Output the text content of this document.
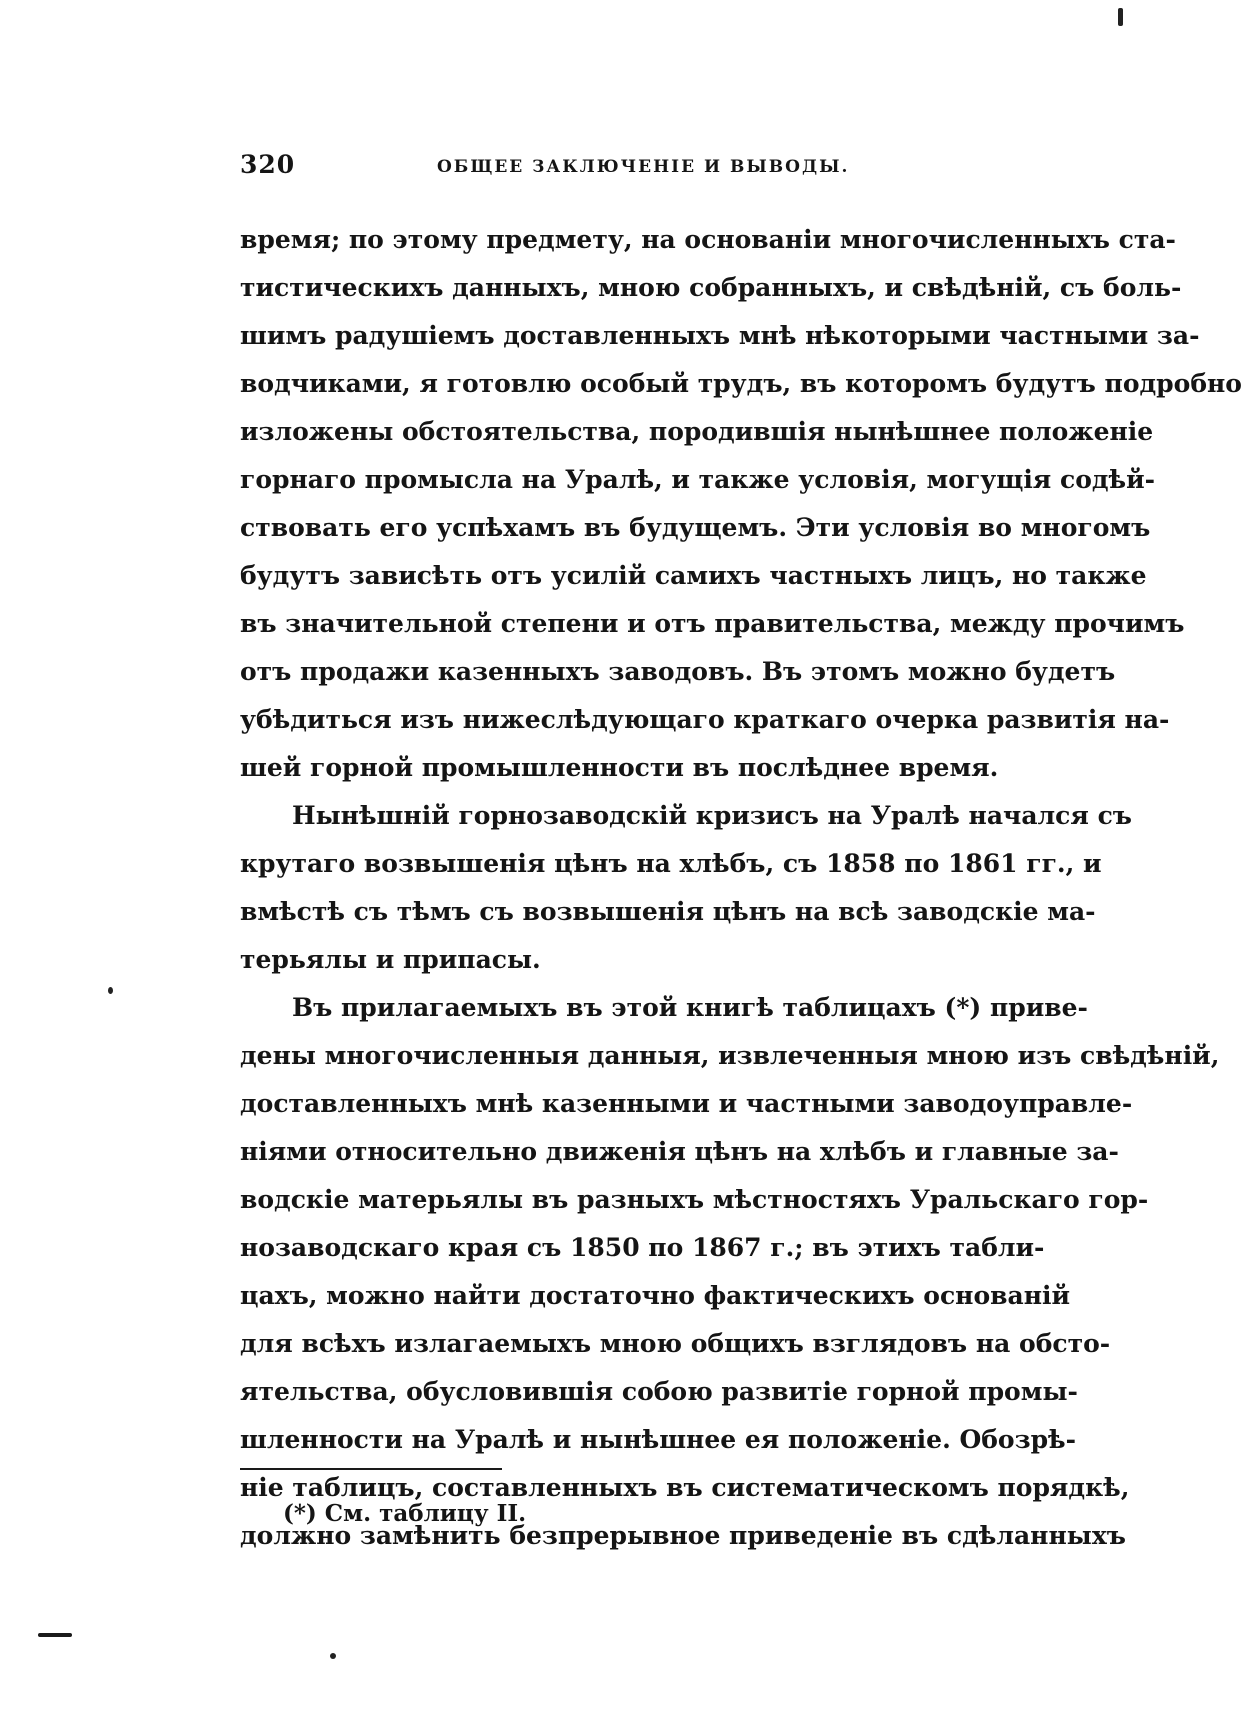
320	ОБЩЕЕ ЗАКЛЮЧЕНІЕ И ВЫВОДЫ.
время; по этому предмету, на основаніи многочисленныхъ ста-
тистическихъ данныхъ, мною собранныхъ, и свѣдѣній, съ боль-
шимъ радушіемъ доставленныхъ мнѣ нѣкоторыми частными за-
водчиками, я готовлю особый трудъ, въ которомъ будутъ подробно
изложены обстоятельства, породившія нынѣшнее положеніе
горнаго промысла на Уралѣ, и также условія, могущія содѣй-
ствовать его успѣхамъ въ будущемъ. Эти условія во многомъ
будутъ зависѣть отъ усилій самихъ частныхъ лицъ, но также
въ значительной степени и отъ правительства, между прочимъ
отъ продажи казенныхъ заводовъ. Въ этомъ можно будетъ
убѣдиться изъ нижеслѣдующаго краткаго очерка развитія на-
шей горной промышленности въ послѣднее время.
Нынѣшній горнозаводскій кризисъ на Уралѣ начался съ
крутаго возвышенія цѣнъ на хлѣбъ, съ 1858 по 1861 гг., и
вмѣстѣ съ тѣмъ съ возвышенія цѣнъ на всѣ заводскіе ма-
терьялы и припасы.
Въ прилагаемыхъ въ этой книгѣ таблицахъ (*) приве-
дены многочисленныя данныя, извлеченныя мною изъ свѣдѣній,
доставленныхъ мнѣ казенными и частными заводоуправле-
ніями относительно движенія цѣнъ на хлѣбъ и главные за-
водскіе матерьялы въ разныхъ мѣстностяхъ Уральскаго гор-
нозаводскаго края съ 1850 по 1867 г.; въ этихъ табли-
цахъ, можно найти достаточно фактическихъ основаній
для всѣхъ излагаемыхъ мною общихъ взглядовъ на обсто-
ятельства, обусловившія собою развитіе горной промы-
шленности на Уралѣ и нынѣшнее ея положеніе. Обозрѣ-
ніе таблицъ, составленныхъ въ систематическомъ порядкѣ,
должно замѣнить безпрерывное приведеніе въ сдѣланныхъ
(*) См. таблицу II.
